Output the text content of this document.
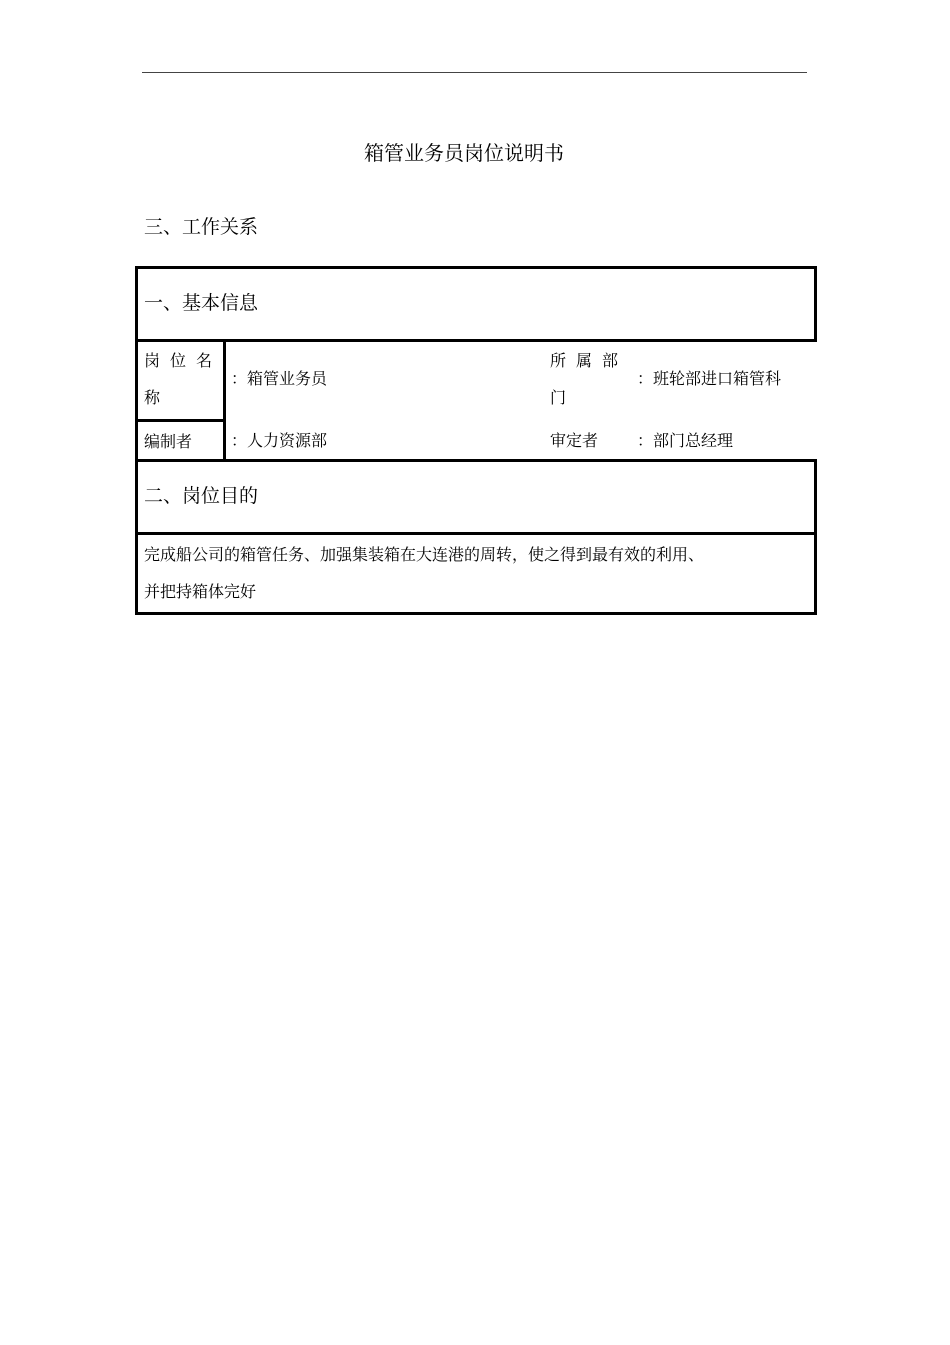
箱管业务员岗位说明书
三、工作关系
一、基本信息
岗位名
称
编制者
：箱管业务员
所属部
门
：班轮部进口箱管科
：人力资源部	审定者 ：部门总经理
二、岗位目的
完成船公司的箱管任务、加强集装箱在大连港的周转，使之得到最有效的利用、
并把持箱体完好
